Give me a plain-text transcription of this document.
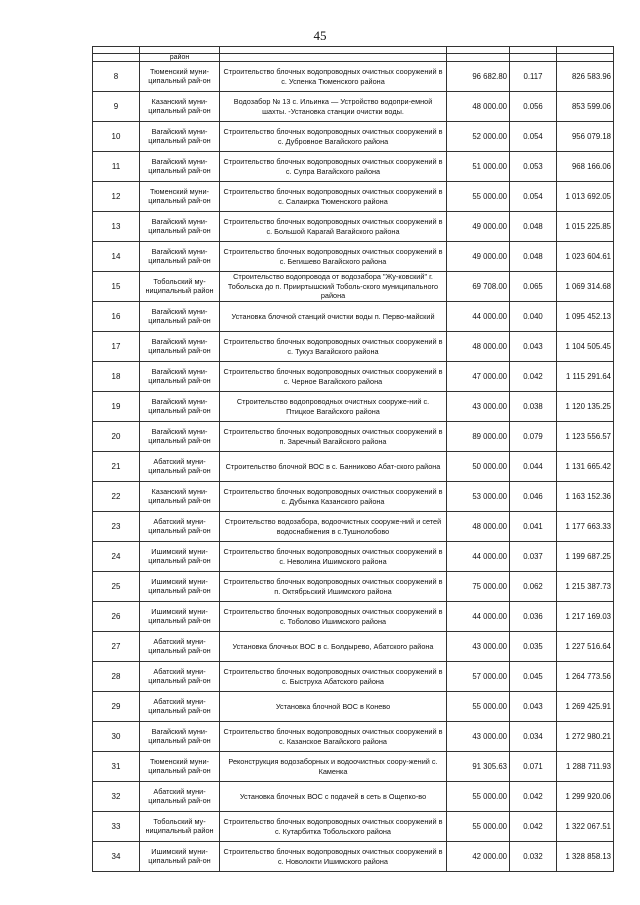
45

	район				
8	Тюменский муни-ципальный рай-он	Строительство блочных водопроводных очистных сооружений в с. Успенка Тюменского района	96 682.80	0.117	826 583.96
9	Казанский муни-ципальный рай-он	Водозабор № 13 с. Ильинка — Устройство водопри-емной шахты. -Установка станции очистки воды.	48 000.00	0.056	853 599.06
10	Вагайский муни-ципальный рай-он	Строительство блочных водопроводных очистных сооружений в с. Дубровное Вагайского района	52 000.00	0.054	956 079.18
11	Вагайский муни-ципальный рай-он	Строительство блочных водопроводных очистных сооружений в с. Супра Вагайского района	51 000.00	0.053	968 166.06
12	Тюменский муни-ципальный рай-он	Строительство блочных водопроводных очистных сооружений в с. Салаирка Тюменского района	55 000.00	0.054	1 013 692.05
13	Вагайский муни-ципальный рай-он	Строительство блочных водопроводных очистных сооружений в с. Большой Карагай Вагайского района	49 000.00	0.048	1 015 225.85
14	Вагайский муни-ципальный рай-он	Строительство блочных водопроводных очистных сооружений в с. Бегишево Вагайского района	49 000.00	0.048	1 023 604.61
15	Тобольский му-ниципальный район	Строительство водопровода от водозабора "Жу-ковский" г. Тобольска до п. Прииртышский Тоболь-ского муниципального района	69 708.00	0.065	1 069 314.68
16	Вагайский муни-ципальный рай-он	Установка блочной станций очистки воды п. Перво-майский	44 000.00	0.040	1 095 452.13
17	Вагайский муни-ципальный рай-он	Строительство блочных водопроводных очистных сооружений в с. Тукуз Вагайского района	48 000.00	0.043	1 104 505.45
18	Вагайский муни-ципальный рай-он	Строительство блочных водопроводных очистных сооружений в с. Черное Вагайского района	47 000.00	0.042	1 115 291.64
19	Вагайский муни-ципальный рай-он	Строительство водопроводных очистных сооруже-ний с. Птицкое Вагайского района	43 000.00	0.038	1 120 135.25
20	Вагайский муни-ципальный рай-он	Строительство блочных водопроводных очистных сооружений в п. Заречный Вагайского района	89 000.00	0.079	1 123 556.57
21	Абатский муни-ципальный рай-он	Строительство блочной ВОС в с. Банниково Абат-ского района	50 000.00	0.044	1 131 665.42
22	Казанский муни-ципальный рай-он	Строительство блочных водопроводных очистных сооружений в с. Дубынка Казанского района	53 000.00	0.046	1 163 152.36
23	Абатский муни-ципальный рай-он	Строительство водозабора, водоочистных сооруже-ний и сетей водоснабжения в с.Тушнолобово	48 000.00	0.041	1 177 663.33
24	Ишимский муни-ципальный рай-он	Строительство блочных водопроводных очистных сооружений в с. Неволина Ишимского района	44 000.00	0.037	1 199 687.25
25	Ишимский муни-ципальный рай-он	Строительство блочных водопроводных очистных сооружений в п. Октябрьский Ишимского района	75 000.00	0.062	1 215 387.73
26	Ишимский муни-ципальный рай-он	Строительство блочных водопроводных очистных сооружений в с. Тоболово Ишимского района	44 000.00	0.036	1 217 169.03
27	Абатский муни-ципальный рай-он	Установка блочных ВОС в с. Болдырево, Абатского района	43 000.00	0.035	1 227 516.64
28	Абатский муни-ципальный рай-он	Строительство блочных водопроводных очистных сооружений в с. Быструха Абатского района	57 000.00	0.045	1 264 773.56
29	Абатский муни-ципальный рай-он	Установка блочной ВОС в Конево	55 000.00	0.043	1 269 425.91
30	Вагайский муни-ципальный рай-он	Строительство блочных водопроводных очистных сооружений в с. Казанское Вагайского района	43 000.00	0.034	1 272 980.21
31	Тюменский муни-ципальный рай-он	Реконструкция водозаборных и водоочистных соору-жений с. Каменка	91 305.63	0.071	1 288 711.93
32	Абатский муни-ципальный рай-он	Установка блочных ВОС с подачей в сеть в Ощепко-во	55 000.00	0.042	1 299 920.06
33	Тобольский му-ниципальный район	Строительство блочных водопроводных очистных сооружений в с. Кутарбитка Тобольского района	55 000.00	0.042	1 322 067.51
34	Ишимский муни-ципальный рай-он	Строительство блочных водопроводных очистных сооружений в с. Новолокти Ишимского района	42 000.00	0.032	1 328 858.13
